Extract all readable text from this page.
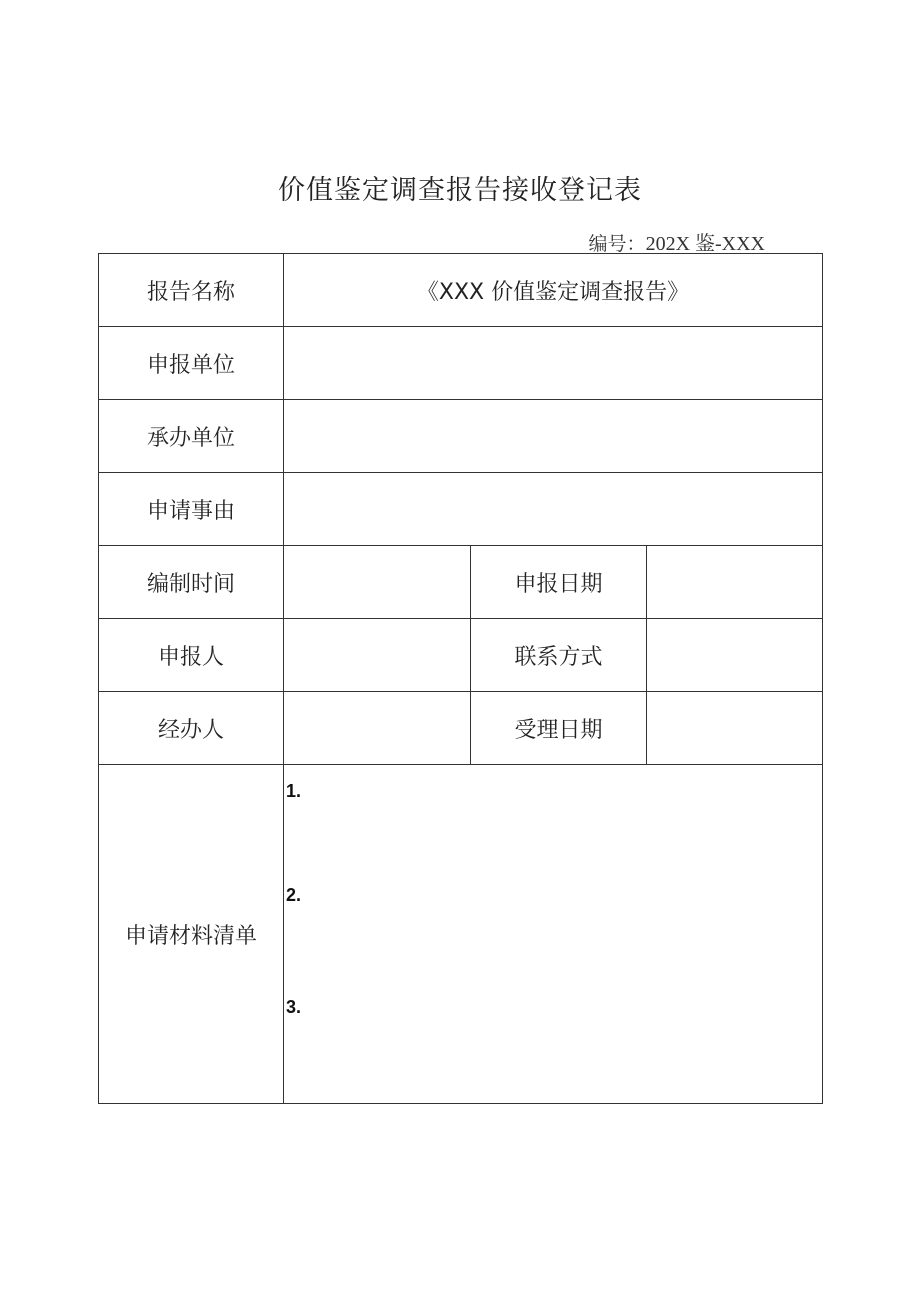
价值鉴定调查报告接收登记表
编号：202X 鉴-XXX
报告名称	《XXX 价值鉴定调查报告》		
申报单位			
承办单位			
申请事由			
编制时间		申报日期	
申报人		联系方式	
经办人		受理日期	
申请材料清单	1.
2.
3.		
